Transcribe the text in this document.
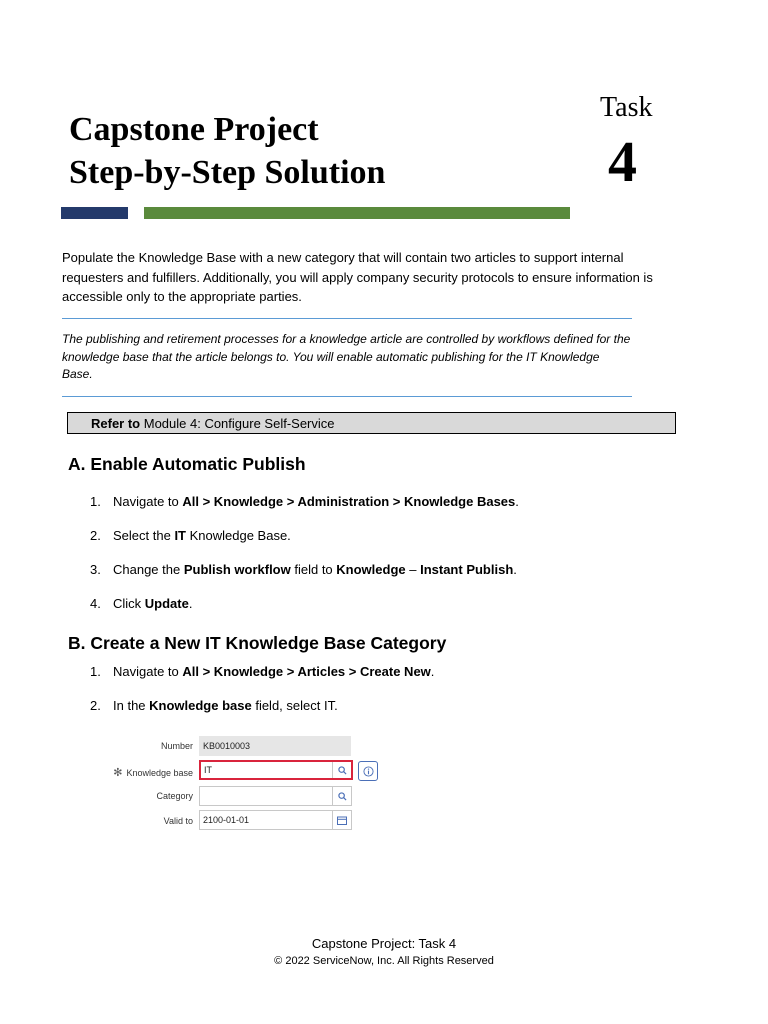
Capstone Project
Step-by-Step Solution
Task
4
Populate the Knowledge Base with a new category that will contain two articles to support internal requesters and fulfillers. Additionally, you will apply company security protocols to ensure information is accessible only to the appropriate parties.
The publishing and retirement processes for a knowledge article are controlled by workflows defined for the knowledge base that the article belongs to. You will enable automatic publishing for the IT Knowledge Base.
Refer to Module 4: Configure Self-Service
A. Enable Automatic Publish
1. Navigate to All > Knowledge > Administration > Knowledge Bases.
2. Select the IT Knowledge Base.
3. Change the Publish workflow field to Knowledge – Instant Publish.
4. Click Update.
B. Create a New IT Knowledge Base Category
1. Navigate to All > Knowledge > Articles > Create New.
2. In the Knowledge base field, select IT.
Number	KB0010003
✻ Knowledge base	IT
Category
Valid to	2100-01-01
Capstone Project: Task 4
© 2022 ServiceNow, Inc. All Rights Reserved
